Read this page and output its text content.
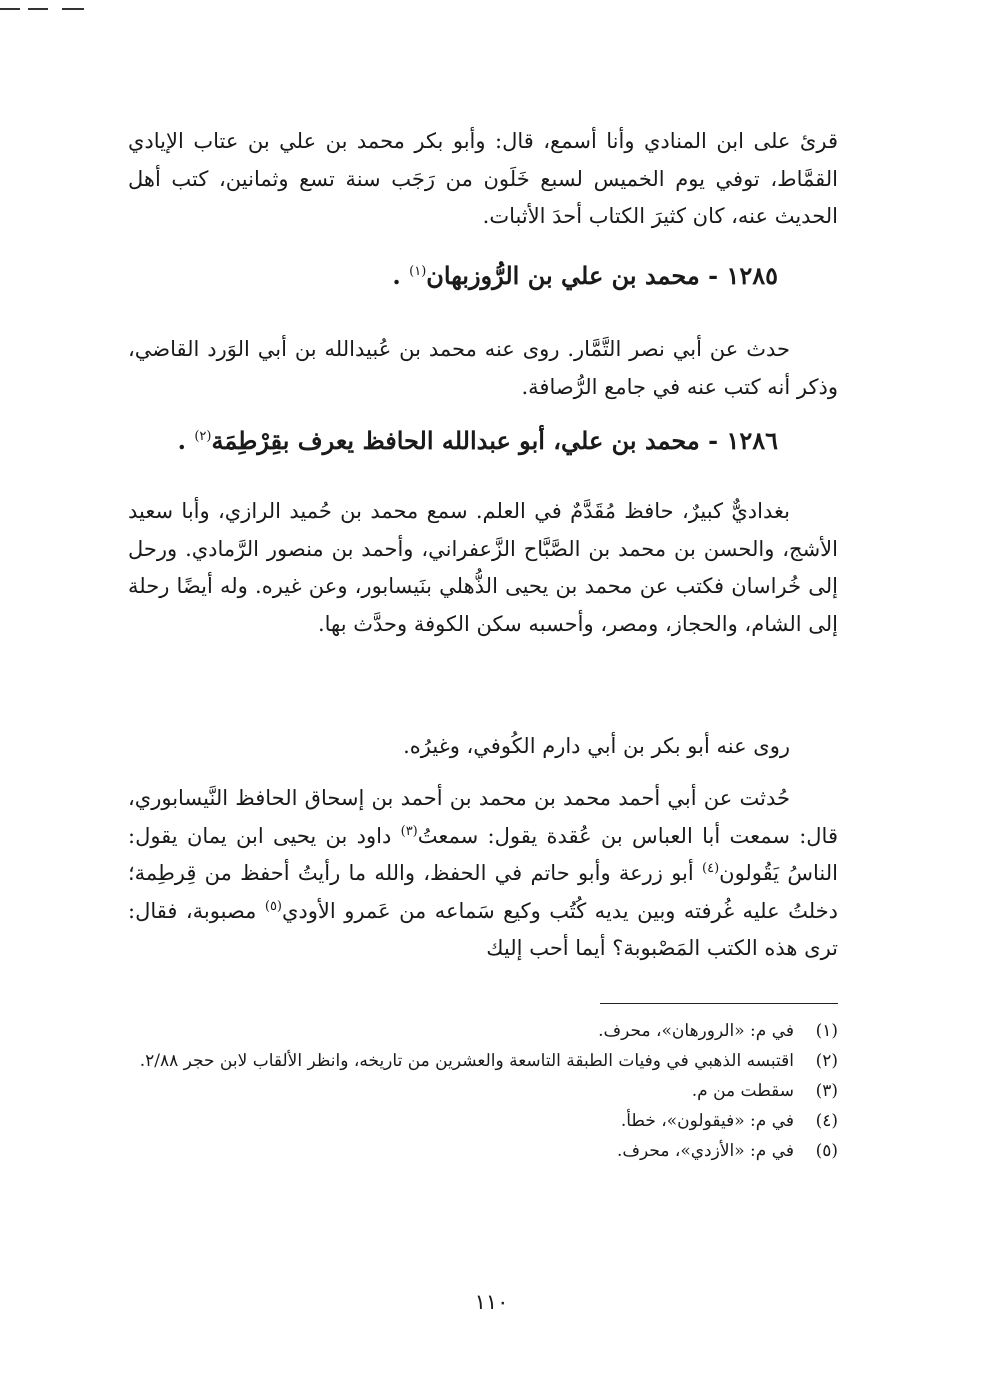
قرئ على ابن المنادي وأنا أسمع، قال: وأبو بكر محمد بن علي بن عتاب الإيادي القمَّاط، توفي يوم الخميس لسبع خَلَون من رَجَب سنة تسع وثمانين، كتب أهل الحديث عنه، كان كثيرَ الكتاب أحدَ الأثبات.

١٢٨٥ - محمد بن علي بن الرُّوزبهان$^{(١)}$ .

حدث عن أبي نصر التَّمَّار. روى عنه محمد بن عُبيدالله بن أبي الوَرد القاضي، وذكر أنه كتب عنه في جامع الرُّصافة.

١٢٨٦ - محمد بن علي، أبو عبدالله الحافظ يعرف بقِرْطِمَة$^{(٢)}$ .

بغداديٌّ كبيرٌ، حافظ مُقَدَّمٌ في العلم. سمع محمد بن حُميد الرازي، وأبا سعيد الأشج، والحسن بن محمد بن الصَّبَّاح الزَّعفراني، وأحمد بن منصور الرَّمادي. ورحل إلى خُراسان فكتب عن محمد بن يحيى الذُّهلي بنَيسابور، وعن غيره. وله أيضًا رحلة إلى الشام، والحجاز، ومصر، وأحسبه سكن الكوفة وحدَّث بها.

روى عنه أبو بكر بن أبي دارم الكُوفي، وغيرُه.

حُدثت عن أبي أحمد محمد بن محمد بن أحمد بن إسحاق الحافظ النَّيسابوري، قال: سمعت أبا العباس بن عُقدة يقول: سمعتُ$^{(٣)}$ داود بن يحيى ابن يمان يقول: الناسُ يَقُولون$^{(٤)}$ أبو زرعة وأبو حاتم في الحفظ، والله ما رأيتُ أحفظ من قِرطِمة؛ دخلتُ عليه غُرفته وبين يديه كُتُب وكيع سَماعه من عَمرو الأودي$^{(٥)}$ مصبوبة، فقال: ترى هذه الكتب المَصْبوبة؟ أيما أحب إليك

(١)
في م: «الرورهان»، محرف.
(٢)
اقتبسه الذهبي في وفيات الطبقة التاسعة والعشرين من تاريخه، وانظر الألقاب لابن حجر ٢/٨٨.
(٣)
سقطت من م.
(٤)
في م: «فيقولون»، خطأ.
(٥)
في م: «الأزدي»، محرف.
١١٠
